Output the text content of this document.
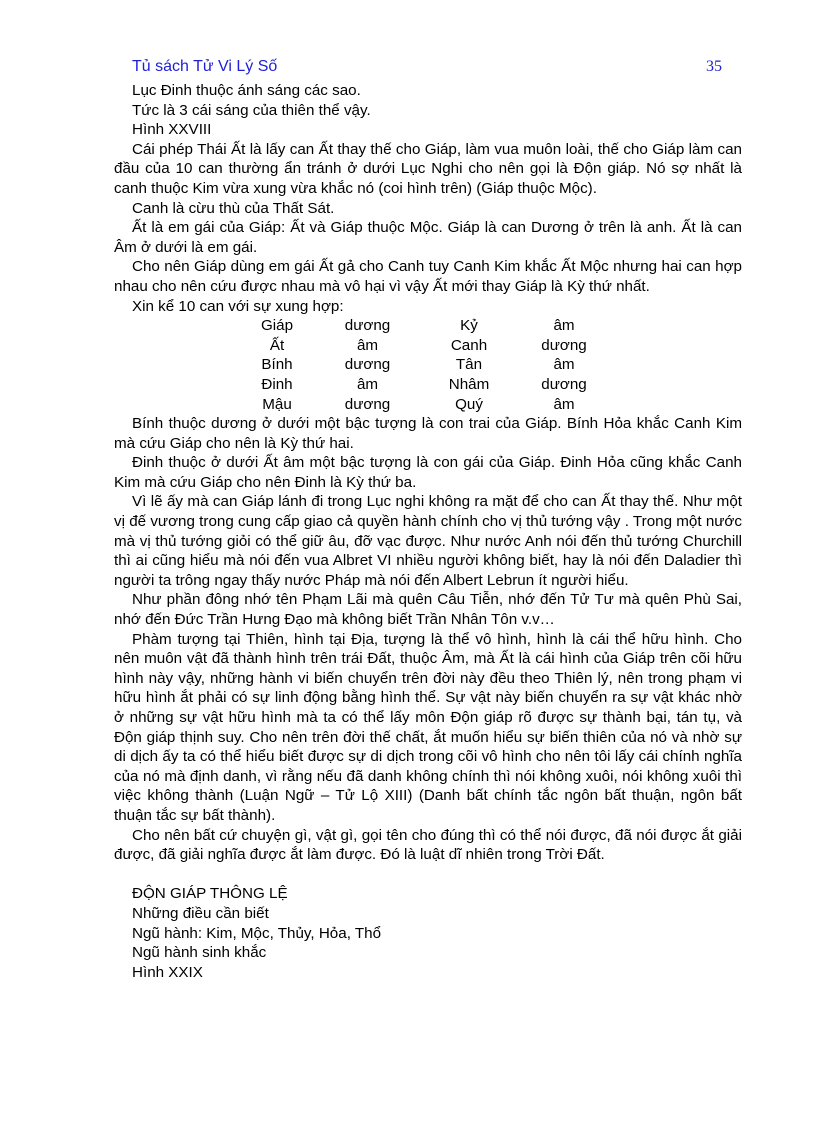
Tủ sách Tử Vi Lý Số	35

Lục Đinh thuộc ánh sáng các sao.

Tức là 3 cái sáng của thiên thể vậy.

Hình XXVIII

Cái phép Thái Ất là lấy can Ất thay thế cho Giáp, làm vua muôn loài, thế cho Giáp làm can đầu của 10 can thường ẩn tránh ở dưới Lục Nghi cho nên gọi là Độn giáp. Nó sợ nhất là canh thuộc Kim vừa xung vừa khắc nó (coi hình trên) (Giáp thuộc Mộc).

Canh là cừu thù của Thất Sát.

Ất là em gái của Giáp: Ất và Giáp thuộc Mộc. Giáp là can Dương ở trên là anh. Ất là can Âm ở dưới là em gái.

Cho nên Giáp dùng em gái Ất gả cho Canh tuy Canh Kim khắc Ất Mộc nhưng hai can hợp nhau cho nên cứu được nhau mà vô hại vì vậy Ất mới thay Giáp là Kỳ thứ nhất.

Xin kể 10 can với sự xung hợp:

Giáp	dương	Kỷ	âm
Ất	âm	Canh	dương
Bính	dương	Tân	âm
Đinh	âm	Nhâm	dương
Mậu	dương	Quý	âm

Bính thuộc dương ở dưới một bậc tượng là con trai của Giáp. Bính Hỏa khắc Canh Kim mà cứu Giáp cho nên là Kỳ thứ hai.

Đinh thuộc ở dưới Ất âm một bậc tượng là con gái của Giáp. Đinh Hỏa cũng khắc Canh Kim mà cứu Giáp cho nên Đinh là Kỳ thứ ba.

Vì lẽ ấy mà can Giáp lánh đi trong Lục nghi không ra mặt để cho can Ất thay thế. Như một vị đế vương trong cung cấp giao cả quyền hành chính cho vị thủ tướng vậy . Trong một nước mà vị thủ tướng giỏi có thể giữ âu, đỡ vạc được. Như nước Anh nói đến thủ tướng Churchill thì ai cũng hiểu mà nói đến vua Albret VI nhiều người không biết, hay là nói đến Daladier thì người ta trông ngay thấy nước Pháp mà nói đến Albert Lebrun ít người hiểu.

Như phần đông nhớ tên Phạm Lãi mà quên Câu Tiễn, nhớ đến Tử Tư mà quên Phù Sai, nhớ đến Đức Trần Hưng Đạo mà không biết Trần Nhân Tôn v.v…

Phàm tượng tại Thiên, hình tại Địa, tượng là thể vô hình, hình là cái thể hữu hình. Cho nên muôn vật đã thành hình trên trái Đất, thuộc Âm, mà Ất là cái hình của Giáp trên cõi hữu hình này vậy, những hành vi biến chuyển trên đời này đều theo Thiên lý, nên trong phạm vi hữu hình ắt phải có sự linh động bằng hình thể. Sự vật này biến chuyển ra sự vật khác nhờ ở những sự vật hữu hình mà ta có thể lấy môn Độn giáp rõ được sự thành bại, tán tụ, và Độn giáp thịnh suy. Cho nên trên đời thế chất, ắt muốn hiểu sự biến thiên của nó và nhờ sự di dịch ấy ta có thể hiểu biết được sự di dịch trong cõi vô hình cho nên tôi lấy cái chính nghĩa của nó mà định danh, vì rằng nếu đã danh không chính thì nói không xuôi, nói không xuôi thì việc không thành (Luận Ngữ – Tử Lộ XIII) (Danh bất chính tắc ngôn bất thuận, ngôn bất thuận tắc sự bất thành).

Cho nên bất cứ chuyện gì, vật gì, gọi tên cho đúng thì có thể nói được, đã nói được ắt giải được, đã giải nghĩa được ắt làm được. Đó là luật dĩ nhiên trong Trời Đất.

ĐỘN GIÁP THÔNG LỆ

Những điều cần biết

Ngũ hành: Kim, Mộc, Thủy, Hỏa, Thổ

Ngũ hành sinh khắc

Hình XXIX
